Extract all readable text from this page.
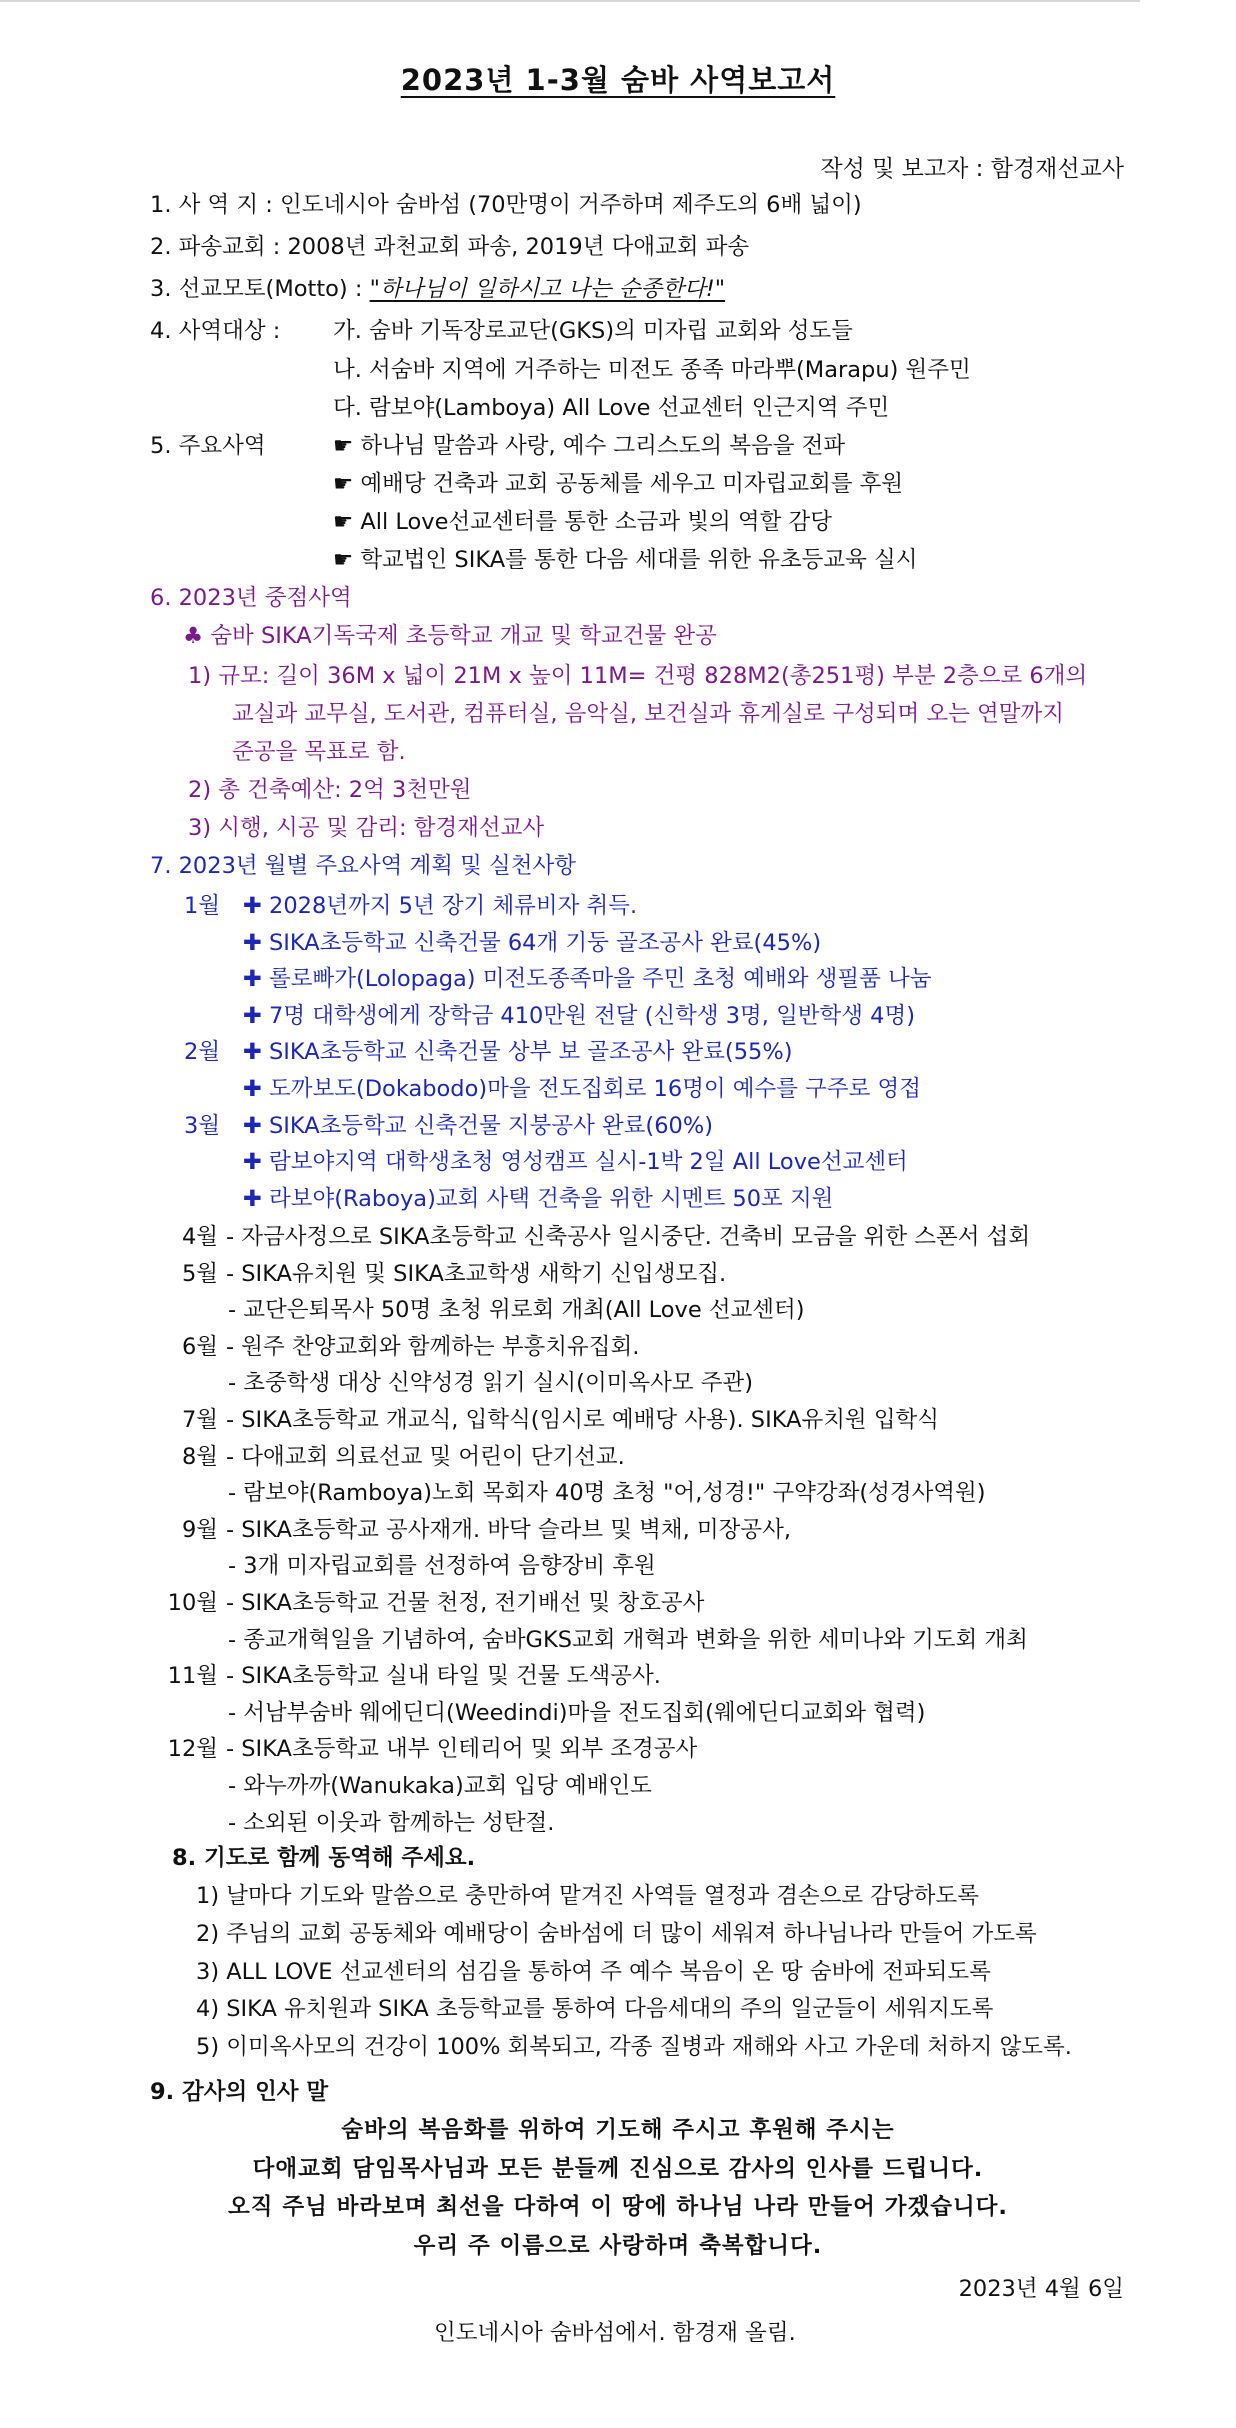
2023년 1-3월 숨바 사역보고서
작성 및 보고자 : 함경재선교사
1. 사 역 지 : 인도네시아 숨바섬 (70만명이 거주하며 제주도의 6배 넓이)
2. 파송교회 : 2008년 과천교회 파송, 2019년 다애교회 파송
3. 선교모토(Motto) : "하나님이 일하시고 나는 순종한다!"
4. 사역대상 : 가. 숨바 기독장로교단(GKS)의 미자립 교회와 성도들
나. 서숨바 지역에 거주하는 미전도 종족 마라뿌(Marapu) 원주민
다. 람보야(Lamboya) All Love 선교센터 인근지역 주민
5. 주요사역	☛ 하나님 말씀과 사랑, 예수 그리스도의 복음을 전파
☛ 예배당 건축과 교회 공동체를 세우고 미자립교회를 후원
☛ All Love선교센터를 통한 소금과 빛의 역할 감당
☛ 학교법인 SIKA를 통한 다음 세대를 위한 유초등교육 실시
6. 2023년 중점사역
♣ 숨바 SIKA기독국제 초등학교 개교 및 학교건물 완공
1) 규모: 길이 36M x 넓이 21M x 높이 11M= 건평 828M2(총251평) 부분 2층으로 6개의
교실과 교무실, 도서관, 컴퓨터실, 음악실, 보건실과 휴게실로 구성되며 오는 연말까지
준공을 목표로 함.
2) 총 건축예산: 2억 3천만원
3) 시행, 시공 및 감리: 함경재선교사
7. 2023년 월별 주요사역 계획 및 실천사항
1월 ✚ 2028년까지 5년 장기 체류비자 취득.
✚ SIKA초등학교 신축건물 64개 기둥 골조공사 완료(45%)
✚ 롤로빠가(Lolopaga) 미전도종족마을 주민 초청 예배와 생필품 나눔
✚ 7명 대학생에게 장학금 410만원 전달 (신학생 3명, 일반학생 4명)
2월 ✚ SIKA초등학교 신축건물 상부 보 골조공사 완료(55%)
✚ 도까보도(Dokabodo)마을 전도집회로 16명이 예수를 구주로 영접
3월 ✚ SIKA초등학교 신축건물 지붕공사 완료(60%)
✚ 람보야지역 대학생초청 영성캠프 실시-1박 2일 All Love선교센터
✚ 라보야(Raboya)교회 사택 건축을 위한 시멘트 50포 지원
4월 - 자금사정으로 SIKA초등학교 신축공사 일시중단. 건축비 모금을 위한 스폰서 섭회
5월 - SIKA유치원 및 SIKA초교학생 새학기 신입생모집.
- 교단은퇴목사 50명 초청 위로회 개최(All Love 선교센터)
6월 - 원주 찬양교회와 함께하는 부흥치유집회.
- 초중학생 대상 신약성경 읽기 실시(이미옥사모 주관)
7월 - SIKA초등학교 개교식, 입학식(임시로 예배당 사용). SIKA유치원 입학식
8월 - 다애교회 의료선교 및 어린이 단기선교.
- 람보야(Ramboya)노회 목회자 40명 초청 "어,성경!" 구약강좌(성경사역원)
9월 - SIKA초등학교 공사재개. 바닥 슬라브 및 벽채, 미장공사,
- 3개 미자립교회를 선정하여 음향장비 후원
10월 - SIKA초등학교 건물 천정, 전기배선 및 창호공사
- 종교개혁일을 기념하여, 숨바GKS교회 개혁과 변화을 위한 세미나와 기도회 개최
11월 - SIKA초등학교 실내 타일 및 건물 도색공사.
- 서남부숨바 웨에딘디(Weedindi)마을 전도집회(웨에딘디교회와 협력)
12월 - SIKA초등학교 내부 인테리어 및 외부 조경공사
- 와누까까(Wanukaka)교회 입당 예배인도
- 소외된 이웃과 함께하는 성탄절.
8. 기도로 함께 동역해 주세요.
1) 날마다 기도와 말씀으로 충만하여 맡겨진 사역들 열정과 겸손으로 감당하도록
2) 주님의 교회 공동체와 예배당이 숨바섬에 더 많이 세워져 하나님나라 만들어 가도록
3) ALL LOVE 선교센터의 섬김을 통하여 주 예수 복음이 온 땅 숨바에 전파되도록
4) SIKA 유치원과 SIKA 초등학교를 통하여 다음세대의 주의 일군들이 세워지도록
5) 이미옥사모의 건강이 100% 회복되고, 각종 질병과 재해와 사고 가운데 처하지 않도록.
9. 감사의 인사 말
숨바의 복음화를 위하여 기도해 주시고 후원해 주시는
다애교회 담임목사님과 모든 분들께 진심으로 감사의 인사를 드립니다.
오직 주님 바라보며 최선을 다하여 이 땅에 하나님 나라 만들어 가겠습니다.
우리 주 이름으로 사랑하며 축복합니다.
2023년 4월 6일
인도네시아 숨바섬에서. 함경재 올림.
